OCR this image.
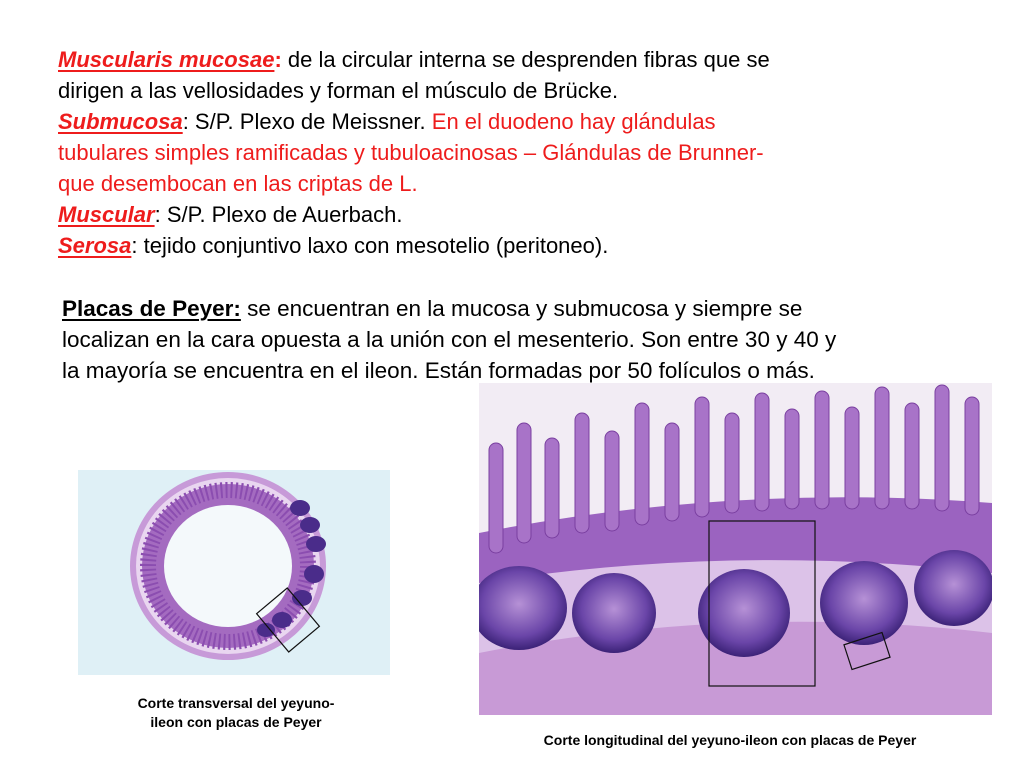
Muscularis mucosae: de la circular interna se desprenden fibras que se
dirigen a las vellosidades y forman el músculo de Brücke.
Submucosa: S/P. Plexo de Meissner. En el duodeno hay glándulas
tubulares simples ramificadas y tubuloacinosas – Glándulas de Brunner-
que desembocan en las criptas de L.
Muscular: S/P. Plexo de Auerbach.
Serosa: tejido conjuntivo laxo con mesotelio (peritoneo).
Placas de Peyer: se encuentran en la mucosa y submucosa y siempre se
localizan en la cara opuesta a la unión con el mesenterio. Son entre 30 y 40 y
la mayoría se encuentra en el ileon. Están formadas por 50 folículos o más.
Corte transversal del yeyuno-
ileon con placas de Peyer
Corte longitudinal del yeyuno-ileon con placas de Peyer
